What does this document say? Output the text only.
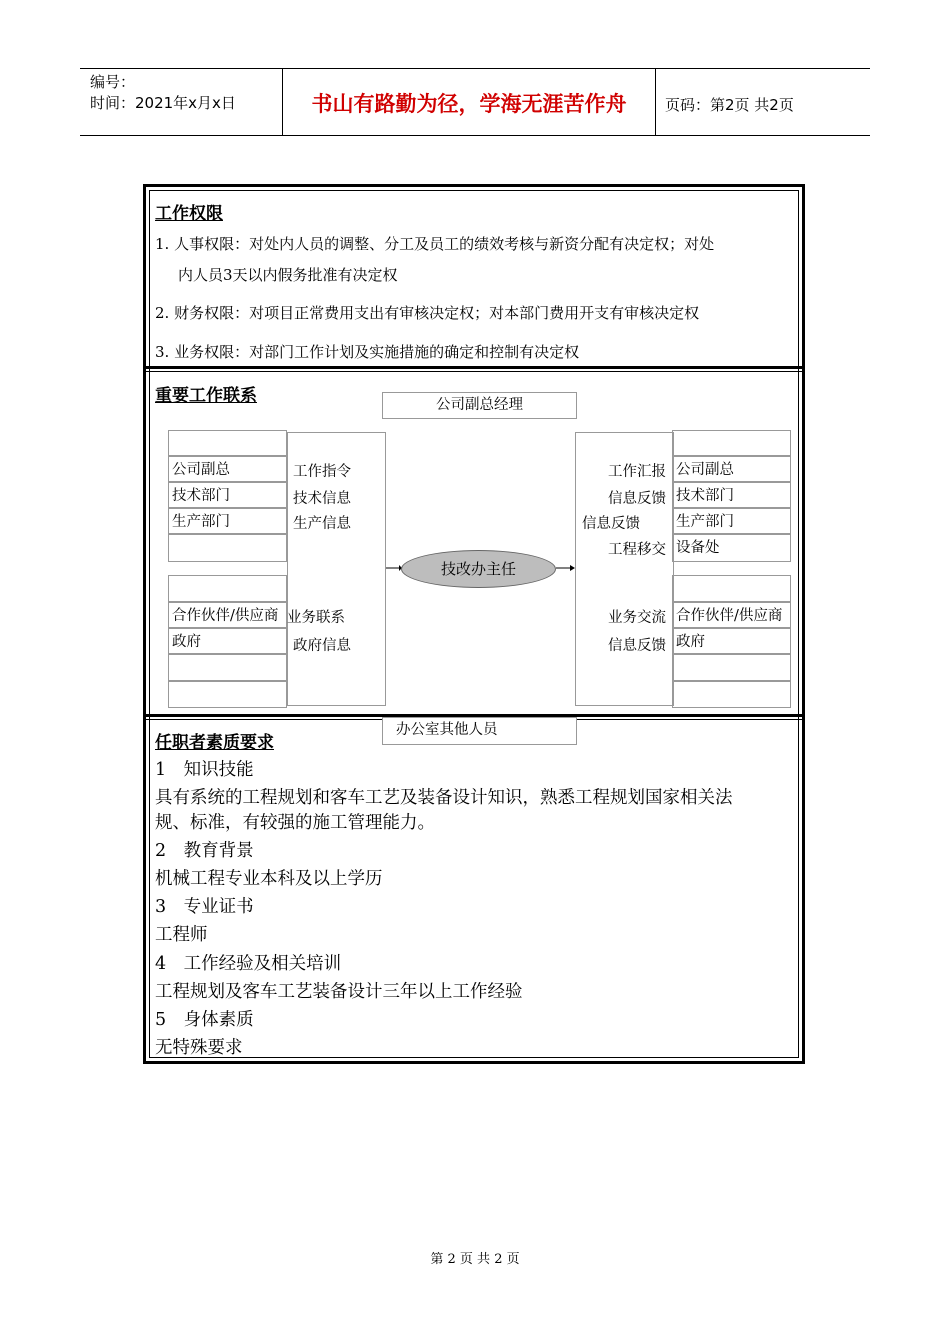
编号：
时间：2021年x月x日	书山有路勤为径，学海无涯苦作舟	页码：第2页 共2页
工作权限
1. 人事权限：对处内人员的调整、分工及员工的绩效考核与新资分配有决定权；对处
内人员3天以内假务批准有决定权
2. 财务权限：对项目正常费用支出有审核决定权；对本部门费用开支有审核决定权
3. 业务权限：对部门工作计划及实施措施的确定和控制有决定权
重要工作联系	公司副总经理
公司副总
技术部门
生产部门
合作伙伴/供应商
政府
工作指令
技术信息
生产信息
业务联系
政府信息
工作汇报
信息反馈
信息反馈
工程移交
业务交流
信息反馈
公司副总
技术部门
生产部门
设备处
合作伙伴/供应商
政府
技改办主任
办公室其他人员
任职者素质要求
1　知识技能
具有系统的工程规划和客车工艺及装备设计知识，熟悉工程规划国家相关法
规、标准，有较强的施工管理能力。
2　教育背景
机械工程专业本科及以上学历
3　专业证书
工程师
4　工作经验及相关培训
工程规划及客车工艺装备设计三年以上工作经验
5　身体素质
无特殊要求
第 2 页 共 2 页
